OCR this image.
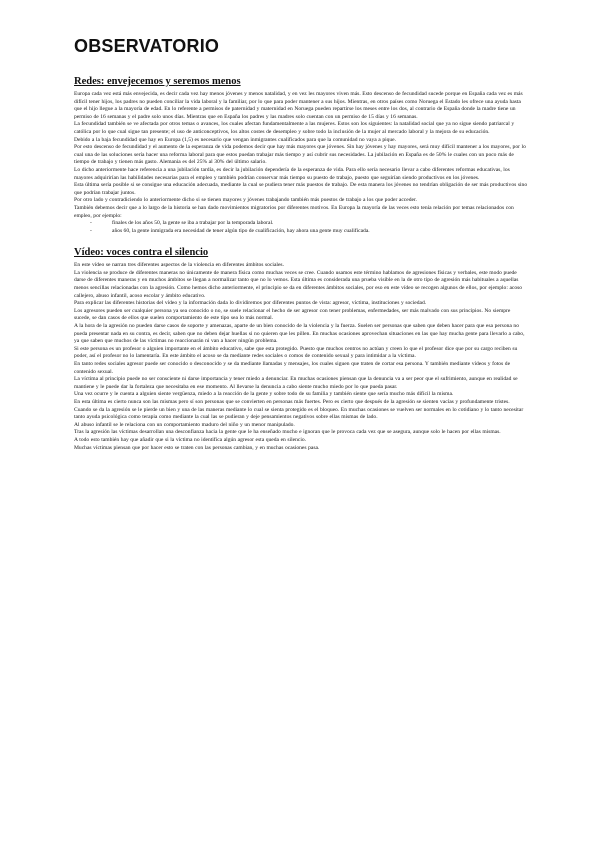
OBSERVATORIO
Redes: envejecemos y seremos menos

Europa cada vez está más envejecida, es decir cada vez hay menos jóvenes y menos natalidad, y en vez les mayores viven más. Esto descenso de fecundidad sucede porque en España cada vez es más difícil tener hijos, los padres no pueden conciliar la vida laboral y la familiar, por lo que para poder mantener a sus hijos. Mientras, en otros países como Noruega el Estado les ofrece una ayuda hasta que el hijo llegue a la mayoría de edad. En lo referente a permisos de paternidad y maternidad en Noruega pueden repartirse los meses entre los dos, al contrario de España donde la madre tiene un permiso de 16 semanas y el padre solo unos días. Mientras que en España los padres y las madres solo cuentan con un permiso de 15 días y 16 semanas.

La fecundidad también se ve afectada por otros temas o avances, los cuales afectan fundamentalmente a las mujeres. Estos son los siguientes: la natalidad social que ya no sigue siendo patriarcal y católica por lo que cual sigue tan presente; el uso de anticonceptivos, los altos costes de desempleo y sobre todo la inclusión de la mujer al mercado laboral y la mejora de su educación.

Debido a la baja fecundidad que hay en Europa (1,5) es necesario que vengan inmigrantes cualificados para que la comunidad no vaya a pique.

Por esto descenso de fecundidad y el aumento de la esperanza de vida podemos decir que hay más mayores que jóvenes. Sin hay jóvenes y hay mayores, será muy difícil mantener a los mayores, por lo cual una de las soluciones sería hacer una reforma laboral para que estos puedan trabajar más tiempo y así cubrir sus necesidades. La jubilación en España es de 50% le cuales con un poco más de tiempo de trabajo y tienen más gasto. Alemania es del 25% al 30% del último salario.

Lo dicho anteriormente hace referencia a una jubilación tardía, es decir la jubilación dependería de la esperanza de vida. Para ello sería necesario llevar a cabo diferentes reformas educativas, los mayores adquirirían las habilidades necesarias para el empleo y también podrían conservar más tiempo su puesto de trabajo, puesto que seguirían siendo productivos en los jóvenes.

Esta última sería posible si se consigue una educación adecuada, mediante la cual se pudiera tener más puestos de trabajo. De esta manera los jóvenes no tendrían obligación de ser más productivos sino que podrían trabajar juntos.

Por otro lado y contradiciendo lo anteriormente dicho si se tienen mayores y jóvenes trabajando también más puestos de trabajo a los que poder acceder.

También debemos decir que a lo largo de la historia se han dado movimientos migratorios por diferentes motivos. En Europa la mayoría de las veces esto tenía relación por temas relacionados con empleo, por ejemplo:

-	finales de los años 50, la gente se iba a trabajar por la temporada laboral.
-	años 60, la gente inmigrada era necesidad de tener algún tipo de cualificación, hay ahora una gente muy cualificada.
Vídeo: voces contra el silencio

En este vídeo se narran tres diferentes aspectos de la violencia en diferentes ámbitos sociales.

La violencia se produce de diferentes maneras no únicamente de manera física como muchas veces se cree. Cuando usamos este término hablamos de agresiones físicas y verbales, este modo puede darse de diferentes maneras y en muchos ámbitos se llegan a normalizar tanto que no lo vemos. Esta última es considerada una prueba visible en la de otro tipo de agresión más habituales a aquellas menos sencillas relacionadas con la agresión. Como hemos dicho anteriormente, el principio se da en diferentes ámbitos sociales, por eso en este vídeo se recogen algunos de ellos, por ejemplo: acoso callejero, abuso infantil, acoso escolar y ámbito educativo.

Para explicar las diferentes historias del vídeo y la información dada lo dividiremos por diferentes puntos de vista: agresor, víctima, instituciones y sociedad.

Los agresores pueden ser cualquier persona ya sea conocido o no, se suele relacionar el hecho de ser agresor con tener problemas, enfermedades, ser más malvado con sus principios. No siempre sucede, se dan casos de ellos que suelen comportamiento de este tipo sea lo más normal.

A la hora de la agresión no pueden darse casos de soporte y amenazas, aparte de un bien conocido de la violencia y la fuerza. Suelen ser personas que saben que deben hacer para que esa persona no pueda presentar nada en su contra, es decir, saben que no deben dejar huellas si no quieren que les pillen. En muchas ocasiones aprovechan situaciones en las que hay mucha gente para llevarlo a cabo, ya que saben que muchos de las víctimas no reaccionarán ni van a hacer ningún problema.

Si este persona es un profesor o alguien importante en el ámbito educativo, sabe que esta protegido. Puesto que muchos centros no actúan y creen lo que el profesor dice que por su cargo reciben su poder, así el profesor no lo lamentaría. En este ámbito el acoso se da mediante redes sociales o comos de contenido sexual y para intimidar a la víctima.

En tanto redes sociales agresor puede ser conocido o desconocido y se da mediante llamadas y mensajes, los cuales siguen que traten de cortar esa persona. Y también mediante vídeos y fotos de contenido sexual.

La víctima al principio puede no ser consciente ni darse importancia y tener miedo a denunciar. En muchas ocasiones piensan que la denuncia va a ser peor que el sufrimiento, aunque en realidad se mantiene y le puede dar la fortaleza que necesitaba en ese momento. Al llevarse la denuncia a cabo siente mucho miedo por lo que pueda pasar.

Una vez ocurre y le cuenta a alguien siente vergüenza, miedo a la reacción de la gente y sobre todo de su familia y también siente que sería mucho más difícil la misma.

En esta última es cierto nunca son las mismas pero sí son personas que se convierten en personas más fuertes. Pero es cierto que después de la agresión se sienten vacías y profundamente tristes.

Cuando se da la agresión se le pierde un bien y una de las maneras mediante lo cual se sienta protegido es el bloqueo. En muchas ocasiones se vuelven ser normales en lo cotidiano y lo tanto necesitar tanto ayuda psicológica como terapia como mediante la cual las se pudieran y deje pensamientos negativos sobre ellas mismas de lado.

Al abuso infantil se le relaciona con un comportamiento maduro del niño y un menor manipulado.

Tras la agresión las víctimas desarrollan una desconfianza hacia la gente que le ha enseñado mucho e ignoran que le provoca cada vez que se asegura, aunque solo le hacen por ellas mismas.

A todo esto también hay que añadir que si la víctima no identifica algún agresor esta queda en silencio.

Muchas víctimas piensan que por hacer esto se traten con las personas cambian, y en muchas ocasiones pasa.
